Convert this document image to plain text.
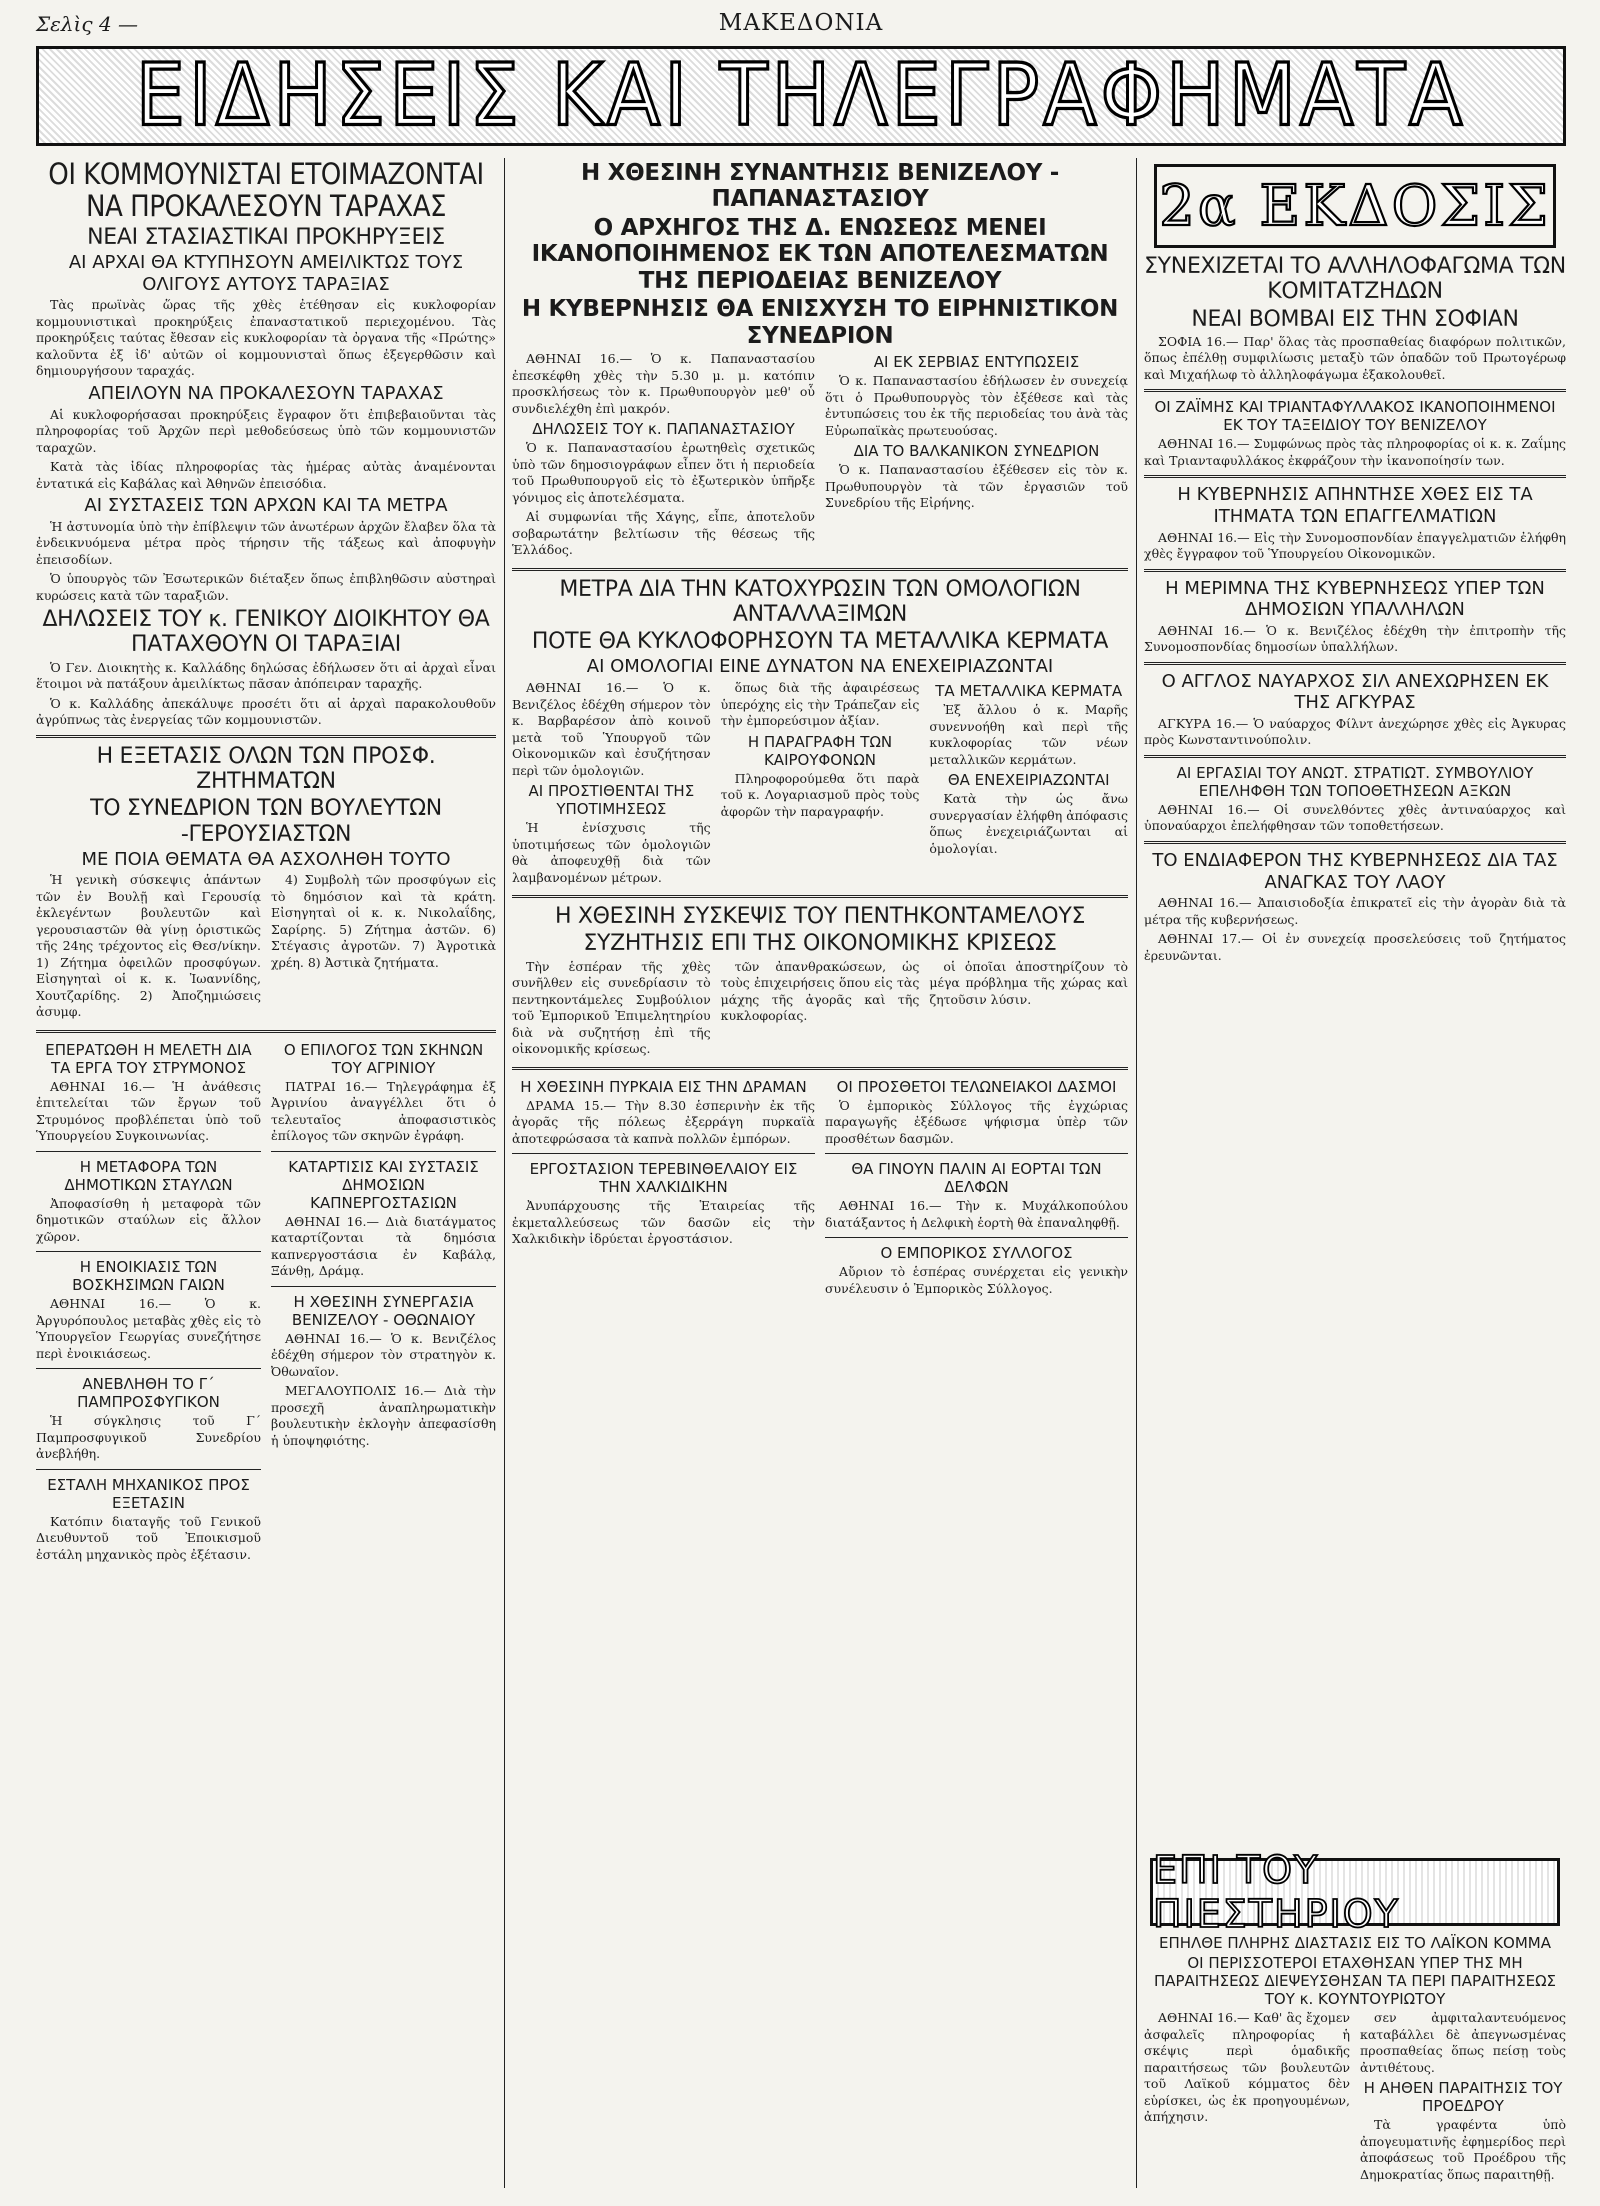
Σελὶς 4 —	ΜΑΚΕΔΟΝΙΑ
ΕΙΔΗΣΕΙΣ ΚΑΙ ΤΗΛΕΓΡΑΦΗΜΑΤΑ
ΟΙ ΚΟΜΜΟΥΝΙΣΤΑΙ ΕΤΟΙΜΑΖΟΝΤΑΙ ΝΑ ΠΡΟΚΑΛΕΣΟΥΝ ΤΑΡΑΧΑΣ
ΝΕΑΙ ΣΤΑΣΙΑΣΤΙΚΑΙ ΠΡΟΚΗΡΥΞΕΙΣ
ΑΙ ΑΡΧΑΙ ΘΑ ΚΤΥΠΗΣΟΥΝ ΑΜΕΙΛΙΚΤΩΣ ΤΟΥΣ ΟΛΙΓΟΥΣ ΑΥΤΟΥΣ ΤΑΡΑΞΙΑΣ

Τὰς πρωϊνὰς ὥρας τῆς χθὲς ἐτέθησαν εἰς κυκλοφορίαν κομμουνιστικαὶ προκηρύξεις ἐπαναστατικοῦ περιεχομένου. Τὰς προκηρύξεις ταύτας ἔθεσαν εἰς κυκλοφορίαν τὰ ὀργανα τῆς «Πρώτης» καλοῦντα ἐξ ἰδ' αὐτῶν οἱ κομμουνισταὶ ὅπως ἐξεγερθῶσιν καὶ δημιουργήσουν ταραχάς.

ΑΠΕΙΛΟΥΝ ΝΑ ΠΡΟΚΑΛΕΣΟΥΝ ΤΑΡΑΧΑΣ

Αἱ κυκλοφορήσασαι προκηρύξεις ἔγραφον ὅτι ἐπιβεβαιοῦνται τὰς πληροφορίας τοῦ Ἀρχῶν περὶ μεθοδεύσεως ὑπὸ τῶν κομμουνιστῶν ταραχῶν.

Κατὰ τὰς ἰδίας πληροφορίας τὰς ἡμέρας αὐτὰς ἀναμένονται ἐντατικά εἰς Καβάλας καὶ Ἀθηνῶν ἐπεισόδια.

ΑΙ ΣΥΣΤΑΣΕΙΣ ΤΩΝ ΑΡΧΩΝ ΚΑΙ ΤΑ ΜΕΤΡΑ

Ἡ ἀστυνομία ὑπὸ τὴν ἐπίβλεψιν τῶν ἀνωτέρων ἀρχῶν ἔλαβεν ὅλα τὰ ἐνδεικνυόμενα μέτρα πρὸς τήρησιν τῆς τάξεως καὶ ἀποφυγὴν ἐπεισοδίων.

Ὁ ὑπουργὸς τῶν Ἐσωτερικῶν διέταξεν ὅπως ἐπιβληθῶσιν αὐστηραὶ κυρώσεις κατὰ τῶν ταραξιῶν.

ΔΗΛΩΣΕΙΣ ΤΟΥ κ. ΓΕΝΙΚΟΥ ΔΙΟΙΚΗΤΟΥ ΘΑ ΠΑΤΑΧΘΟΥΝ ΟΙ ΤΑΡΑΞΙΑΙ

Ὁ Γεν. Διοικητὴς κ. Καλλάδης δηλώσας ἐδήλωσεν ὅτι αἱ ἀρχαὶ εἶναι ἕτοιμοι νὰ πατάξουν ἀμειλίκτως πᾶσαν ἀπόπειραν ταραχῆς.

Ὁ κ. Καλλάδης ἀπεκάλυψε προσέτι ὅτι αἱ ἀρχαὶ παρακολουθοῦν ἀγρύπνως τὰς ἐνεργείας τῶν κομμουνιστῶν.

Η ΕΞΕΤΑΣΙΣ ΟΛΩΝ ΤΩΝ ΠΡΟΣΦ. ΖΗΤΗΜΑΤΩΝ
ΤΟ ΣΥΝΕΔΡΙΟΝ ΤΩΝ ΒΟΥΛΕΥΤΩΝ -ΓΕΡΟΥΣΙΑΣΤΩΝ
ΜΕ ΠΟΙΑ ΘΕΜΑΤΑ ΘΑ ΑΣΧΟΛΗΘΗ ΤΟΥΤΟ

Ἡ γενικὴ σύσκεψις ἁπάντων τῶν ἐν Βουλῇ καὶ Γερουσίᾳ ἐκλεγέντων βουλευτῶν καὶ γερουσιαστῶν θὰ γίνῃ ὁριστικῶς τῆς 24ης τρέχοντος εἰς Θεσ/νίκην. 1) Ζήτημα ὀφειλῶν προσφύγων. Εἰσηγηταὶ οἱ κ. κ. Ἰωαννίδης, Χουτζαρίδης. 2) Ἀποζημιώσεις ἀσυμφ.

4) Συμβολὴ τῶν προσφύγων εἰς τὸ δημόσιον καὶ τὰ κράτη. Εἰσηγηταὶ οἱ κ. κ. Νικολαΐδης, Σαρίρης. 5) Ζήτημα ἀστῶν. 6) Στέγασις ἀγροτῶν. 7) Ἀγροτικὰ χρέη. 8) Ἀστικὰ ζητήματα.

ΕΠΕΡΑΤΩΘΗ Η ΜΕΛΕΤΗ ΔΙΑ ΤΑ ΕΡΓΑ ΤΟΥ ΣΤΡΥΜΟΝΟΣ

ΑΘΗΝΑΙ 16.— Ἡ ἀνάθεσις ἐπιτελείται τῶν ἔργων τοῦ Στρυμόνος προβλέπεται ὑπὸ τοῦ Ὑπουργείου Συγκοινωνίας.

Η ΜΕΤΑΦΟΡΑ ΤΩΝ ΔΗΜΟΤΙΚΩΝ ΣΤΑΥΛΩΝ

Ἀποφασίσθη ἡ μεταφορὰ τῶν δημοτικῶν σταύλων εἰς ἄλλον χῶρον.

Η ΕΝΟΙΚΙΑΣΙΣ ΤΩΝ ΒΟΣΚΗΣΙΜΩΝ ΓΑΙΩΝ

ΑΘΗΝΑΙ 16.— Ὁ κ. Ἀργυρόπουλος μεταβὰς χθὲς εἰς τὸ Ὑπουργεῖον Γεωργίας συνεζήτησε περὶ ἐνοικιάσεως.

ΑΝΕΒΛΗΘΗ ΤΟ Γ΄ ΠΑΜΠΡΟΣΦΥΓΙΚΟΝ

Ἡ σύγκλησις τοῦ Γ΄ Παμπροσφυγικοῦ Συνεδρίου ἀνεβλήθη.

ΕΣΤΑΛΗ ΜΗΧΑΝΙΚΟΣ ΠΡΟΣ ΕΞΕΤΑΣΙΝ

Κατόπιν διαταγῆς τοῦ Γενικοῦ Διευθυντοῦ τοῦ Ἐποικισμοῦ ἐστάλη μηχανικὸς πρὸς ἐξέτασιν.

Ο ΕΠΙΛΟΓΟΣ ΤΩΝ ΣΚΗΝΩΝ ΤΟΥ ΑΓΡΙΝΙΟΥ

ΠΑΤΡΑΙ 16.— Τηλεγράφημα ἐξ Ἀγρινίου ἀναγγέλλει ὅτι ὁ τελευταῖος ἀποφασιστικὸς ἐπίλογος τῶν σκηνῶν ἐγράφη.

ΚΑΤΑΡΤΙΣΙΣ ΚΑΙ ΣΥΣΤΑΣΙΣ ΔΗΜΟΣΙΩΝ ΚΑΠΝΕΡΓΟΣΤΑΣΙΩΝ

ΑΘΗΝΑΙ 16.— Διὰ διατάγματος καταρτίζονται τὰ δημόσια καπνεργοστάσια ἐν Καβάλᾳ, Ξάνθῃ, Δράμᾳ.

Η ΧΘΕΣΙΝΗ ΣΥΝΕΡΓΑΣΙΑ ΒΕΝΙΖΕΛΟΥ - ΟΘΩΝΑΙΟΥ

ΑΘΗΝΑΙ 16.— Ὁ κ. Βενιζέλος ἐδέχθη σήμερον τὸν στρατηγὸν κ. Ὀθωναῖον.

ΜΕΓΑΛΟΥΠΟΛΙΣ 16.— Διὰ τὴν προσεχῆ ἀναπληρωματικὴν βουλευτικὴν ἐκλογὴν ἀπεφασίσθη ἡ ὑποψηφιότης.

Η ΧΘΕΣΙΝΗ ΣΥΝΑΝΤΗΣΙΣ ΒΕΝΙΖΕΛΟΥ - ΠΑΠΑΝΑΣΤΑΣΙΟΥ
Ο ΑΡΧΗΓΟΣ ΤΗΣ Δ. ΕΝΩΣΕΩΣ ΜΕΝΕΙ ΙΚΑΝΟΠΟΙΗΜΕΝΟΣ ΕΚ ΤΩΝ ΑΠΟΤΕΛΕΣΜΑΤΩΝ ΤΗΣ ΠΕΡΙΟΔΕΙΑΣ ΒΕΝΙΖΕΛΟΥ
Η ΚΥΒΕΡΝΗΣΙΣ ΘΑ ΕΝΙΣΧΥΣΗ ΤΟ ΕΙΡΗΝΙΣΤΙΚΟΝ ΣΥΝΕΔΡΙΟΝ

ΑΘΗΝΑΙ 16.— Ὁ κ. Παπαναστασίου ἐπεσκέφθη χθὲς τὴν 5.30 μ. μ. κατόπιν προσκλήσεως τὸν κ. Πρωθυπουργὸν μεθ' οὗ συνδιελέχθη ἐπὶ μακρόν.

ΔΗΛΩΣΕΙΣ ΤΟΥ κ. ΠΑΠΑΝΑΣΤΑΣΙΟΥ

Ὁ κ. Παπαναστασίου ἐρωτηθεὶς σχετικῶς ὑπὸ τῶν δημοσιογράφων εἶπεν ὅτι ἡ περιοδεία τοῦ Πρωθυπουργοῦ εἰς τὸ ἐξωτερικὸν ὑπῆρξε γόνιμος εἰς ἀποτελέσματα.

Αἱ συμφωνίαι τῆς Χάγης, εἶπε, ἀποτελοῦν σοβαρωτάτην βελτίωσιν τῆς θέσεως τῆς Ἑλλάδος.

ΑΙ ΕΚ ΣΕΡΒΙΑΣ ΕΝΤΥΠΩΣΕΙΣ

Ὁ κ. Παπαναστασίου ἐδήλωσεν ἐν συνεχείᾳ ὅτι ὁ Πρωθυπουργὸς τὸν ἐξέθεσε καὶ τὰς ἐντυπώσεις του ἐκ τῆς περιοδείας του ἀνὰ τὰς Εὐρωπαϊκὰς πρωτευούσας.

ΔΙΑ ΤΟ ΒΑΛΚΑΝΙΚΟΝ ΣΥΝΕΔΡΙΟΝ

Ὁ κ. Παπαναστασίου ἐξέθεσεν εἰς τὸν κ. Πρωθυπουργὸν τὰ τῶν ἐργασιῶν τοῦ Συνεδρίου τῆς Εἰρήνης.

ΜΕΤΡΑ ΔΙΑ ΤΗΝ ΚΑΤΟΧΥΡΩΣΙΝ ΤΩΝ ΟΜΟΛΟΓΙΩΝ ΑΝΤΑΛΛΑΞΙΜΩΝ
ΠΟΤΕ ΘΑ ΚΥΚΛΟΦΟΡΗΣΟΥΝ ΤΑ ΜΕΤΑΛΛΙΚΑ ΚΕΡΜΑΤΑ
ΑΙ ΟΜΟΛΟΓΙΑΙ ΕΙΝΕ ΔΥΝΑΤΟΝ ΝΑ ΕΝΕΧΕΙΡΙΑΖΩΝΤΑΙ

ΑΘΗΝΑΙ 16.— Ὁ κ. Βενιζέλος ἐδέχθη σήμερον τὸν κ. Βαρβαρέσον ἀπὸ κοινοῦ μετὰ τοῦ Ὑπουργοῦ τῶν Οἰκονομικῶν καὶ ἐσυζήτησαν περὶ τῶν ὁμολογιῶν.

ΑΙ ΠΡΟΣΤΙΘΕΝΤΑΙ ΤΗΣ ΥΠΟΤΙΜΗΣΕΩΣ

Ἡ ἐνίσχυσις τῆς ὑποτιμήσεως τῶν ὁμολογιῶν θὰ ἀποφευχθῇ διὰ τῶν λαμβανομένων μέτρων.

ὅπως διὰ τῆς ἀφαιρέσεως ὑπερόχης εἰς τὴν Τράπεζαν εἰς τὴν ἐμπορεύσιμον ἀξίαν.

Η ΠΑΡΑΓΡΑΦΗ ΤΩΝ ΚΑΙΡΟΥΦΟΝΩΝ

Πληροφορούμεθα ὅτι παρὰ τοῦ κ. Λογαριασμοῦ πρὸς τοὺς ἀφορῶν τὴν παραγραφήν.

ΤΑ ΜΕΤΑΛΛΙΚΑ ΚΕΡΜΑΤΑ

Ἐξ ἄλλου ὁ κ. Μαρῆς συνεννοήθη καὶ περὶ τῆς κυκλοφορίας τῶν νέων μεταλλικῶν κερμάτων.

ΘΑ ΕΝΕΧΕΙΡΙΑΖΩΝΤΑΙ

Κατὰ τὴν ὡς ἄνω συνεργασίαν ἐλήφθη ἀπόφασις ὅπως ἐνεχειριάζωνται αἱ ὁμολογίαι.

Η ΧΘΕΣΙΝΗ ΣΥΣΚΕΨΙΣ ΤΟΥ ΠΕΝΤΗΚΟΝΤΑΜΕΛΟΥΣ
ΣΥΖΗΤΗΣΙΣ ΕΠΙ ΤΗΣ ΟΙΚΟΝΟΜΙΚΗΣ ΚΡΙΣΕΩΣ

Τὴν ἑσπέραν τῆς χθὲς συνῆλθεν εἰς συνεδρίασιν τὸ πεντηκοντάμελες Συμβούλιον τοῦ Ἐμπορικοῦ Ἐπιμελητηρίου διὰ νὰ συζητήσῃ ἐπὶ τῆς οἰκονομικῆς κρίσεως.

τῶν ἀπανθρακώσεων, ὡς τοὺς ἐπιχειρήσεις ὅπου εἰς τὰς μάχης τῆς ἀγορᾶς καὶ τῆς κυκλοφορίας.

οἱ ὁποῖαι ἀποστηρίζουν τὸ μέγα πρόβλημα τῆς χώρας καὶ ζητοῦσιν λύσιν.

Η ΧΘΕΣΙΝΗ ΠΥΡΚΑΙΑ ΕΙΣ ΤΗΝ ΔΡΑΜΑΝ

ΔΡΑΜΑ 15.— Τὴν 8.30 ἑσπερινὴν ἐκ τῆς ἀγορᾶς τῆς πόλεως ἐξερράγη πυρκαϊὰ ἀποτεφρώσασα τὰ καπνὰ πολλῶν ἐμπόρων.

ΕΡΓΟΣΤΑΣΙΟΝ ΤΕΡΕΒΙΝΘΕΛΑΙΟΥ ΕΙΣ ΤΗΝ ΧΑΛΚΙΔΙΚΗΝ

Ἀνυπάρχουσης τῆς Ἑταιρείας τῆς ἐκμεταλλεύσεως τῶν δασῶν εἰς τὴν Χαλκιδικὴν ἱδρύεται ἐργοστάσιον.

ΟΙ ΠΡΟΣΘΕΤΟΙ ΤΕΛΩΝΕΙΑΚΟΙ ΔΑΣΜΟΙ

Ὁ ἐμπορικὸς Σύλλογος τῆς ἐγχώριας παραγωγῆς ἐξέδωσε ψήφισμα ὑπὲρ τῶν προσθέτων δασμῶν.

ΘΑ ΓΙΝΟΥΝ ΠΑΛΙΝ ΑΙ ΕΟΡΤΑΙ ΤΩΝ ΔΕΛΦΩΝ

ΑΘΗΝΑΙ 16.— Τὴν κ. Μυχάλκοπούλου διατάξαντος ἡ Δελφικὴ ἑορτὴ θὰ ἐπαναληφθῇ.

Ο ΕΜΠΟΡΙΚΟΣ ΣΥΛΛΟΓΟΣ

Αὔριον τὸ ἑσπέρας συνέρχεται εἰς γενικὴν συνέλευσιν ὁ Ἐμπορικὸς Σύλλογος.

2α ΕΚΔΟΣΙΣ
ΣΥΝΕΧΙΖΕΤΑΙ ΤΟ ΑΛΛΗΛΟΦΑΓΩΜΑ ΤΩΝ ΚΟΜΙΤΑΤΖΗΔΩΝ
ΝΕΑΙ ΒΟΜΒΑΙ ΕΙΣ ΤΗΝ ΣΟΦΙΑΝ

ΣΟΦΙΑ 16.— Παρ' ὅλας τὰς προσπαθείας διαφόρων πολιτικῶν, ὅπως ἐπέλθῃ συμφιλίωσις μεταξὺ τῶν ὀπαδῶν τοῦ Πρωτογέρωφ καὶ Μιχαήλωφ τὸ ἀλληλοφάγωμα ἐξακολουθεῖ.

ΟΙ ΖΑΪΜΗΣ ΚΑΙ ΤΡΙΑΝΤΑΦΥΛΛΑΚΟΣ ΙΚΑΝΟΠΟΙΗΜΕΝΟΙ ΕΚ ΤΟΥ ΤΑΞΕΙΔΙΟΥ ΤΟΥ ΒΕΝΙΖΕΛΟΥ

ΑΘΗΝΑΙ 16.— Συμφώνως πρὸς τὰς πληροφορίας οἱ κ. κ. Ζαΐμης καὶ Τριανταφυλλάκος ἐκφράζουν τὴν ἱκανοποίησίν των.

Η ΚΥΒΕΡΝΗΣΙΣ ΑΠΗΝΤΗΣΕ ΧΘΕΣ ΕΙΣ ΤΑ ΙΤΗΜΑΤΑ ΤΩΝ ΕΠΑΓΓΕΛΜΑΤΙΩΝ

ΑΘΗΝΑΙ 16.— Εἰς τὴν Συνομοσπονδίαν ἐπαγγελματιῶν ἐλήφθη χθὲς ἔγγραφον τοῦ Ὑπουργείου Οἰκονομικῶν.

Η ΜΕΡΙΜΝΑ ΤΗΣ ΚΥΒΕΡΝΗΣΕΩΣ ΥΠΕΡ ΤΩΝ ΔΗΜΟΣΙΩΝ ΥΠΑΛΛΗΛΩΝ

ΑΘΗΝΑΙ 16.— Ὁ κ. Βενιζέλος ἐδέχθη τὴν ἐπιτροπὴν τῆς Συνομοσπονδίας δημοσίων ὑπαλλήλων.

Ο ΑΓΓΛΟΣ ΝΑΥΑΡΧΟΣ ΣΙΛ ΑΝΕΧΩΡΗΣΕΝ ΕΚ ΤΗΣ ΑΓΚΥΡΑΣ

ΑΓΚΥΡΑ 16.— Ὁ ναύαρχος Φίλντ ἀνεχώρησε χθὲς εἰς Ἀγκυρας πρὸς Κωνσταντινούπολιν.

ΑΙ ΕΡΓΑΣΙΑΙ ΤΟΥ ΑΝΩΤ. ΣΤΡΑΤΙΩΤ. ΣΥΜΒΟΥΛΙΟΥ ΕΠΕΛΗΦΘΗ ΤΩΝ ΤΟΠΟΘΕΤΗΣΕΩΝ ΑΞΚΩΝ

ΑΘΗΝΑΙ 16.— Οἱ συνελθόντες χθὲς ἀντιναύαρχος καὶ ὑποναύαρχοι ἐπελήφθησαν τῶν τοποθετήσεων.

ΤΟ ΕΝΔΙΑΦΕΡΟΝ ΤΗΣ ΚΥΒΕΡΝΗΣΕΩΣ ΔΙΑ ΤΑΣ ΑΝΑΓΚΑΣ ΤΟΥ ΛΑΟΥ

ΑΘΗΝΑΙ 16.— Ἀπαισιοδοξία ἐπικρατεῖ εἰς τὴν ἀγορὰν διὰ τὰ μέτρα τῆς κυβερνήσεως.

ΑΘΗΝΑΙ 17.— Οἱ ἐν συνεχείᾳ προσελεύσεις τοῦ ζητήματος ἐρευνῶνται.

ΕΠΙ ΤΟΥ ΠΙΕΣΤΗΡΙΟΥ
ΕΠΗΛΘΕ ΠΛΗΡΗΣ ΔΙΑΣΤΑΣΙΣ ΕΙΣ ΤΟ ΛΑΪΚΟΝ ΚΟΜΜΑ
ΟΙ ΠΕΡΙΣΣΟΤΕΡΟΙ ΕΤΑΧΘΗΣΑΝ ΥΠΕΡ ΤΗΣ ΜΗ ΠΑΡΑΙΤΗΣΕΩΣ ΔΙΕΨΕΥΣΘΗΣΑΝ ΤΑ ΠΕΡΙ ΠΑΡΑΙΤΗΣΕΩΣ ΤΟΥ κ. ΚΟΥΝΤΟΥΡΙΩΤΟΥ

ΑΘΗΝΑΙ 16.— Καθ' ἃς ἔχομεν ἀσφαλεῖς πληροφορίας ἡ σκέψις περὶ ὁμαδικῆς παραιτήσεως τῶν βουλευτῶν τοῦ Λαϊκοῦ κόμματος δὲν εὑρίσκει, ὡς ἐκ προηγουμένων, ἀπήχησιν.

σεν ἀμφιταλαντευόμενος καταβάλλει δὲ ἀπεγνωσμένας προσπαθείας ὅπως πείσῃ τοὺς ἀντιθέτους.

Η ΑΗΘΕΝ ΠΑΡΑΙΤΗΣΙΣ ΤΟΥ ΠΡΟΕΔΡΟΥ

Τὰ γραφέντα ὑπὸ ἀπογευματινῆς ἐφημερίδος περὶ ἀποφάσεως τοῦ Προέδρου τῆς Δημοκρατίας ὅπως παραιτηθῇ.
